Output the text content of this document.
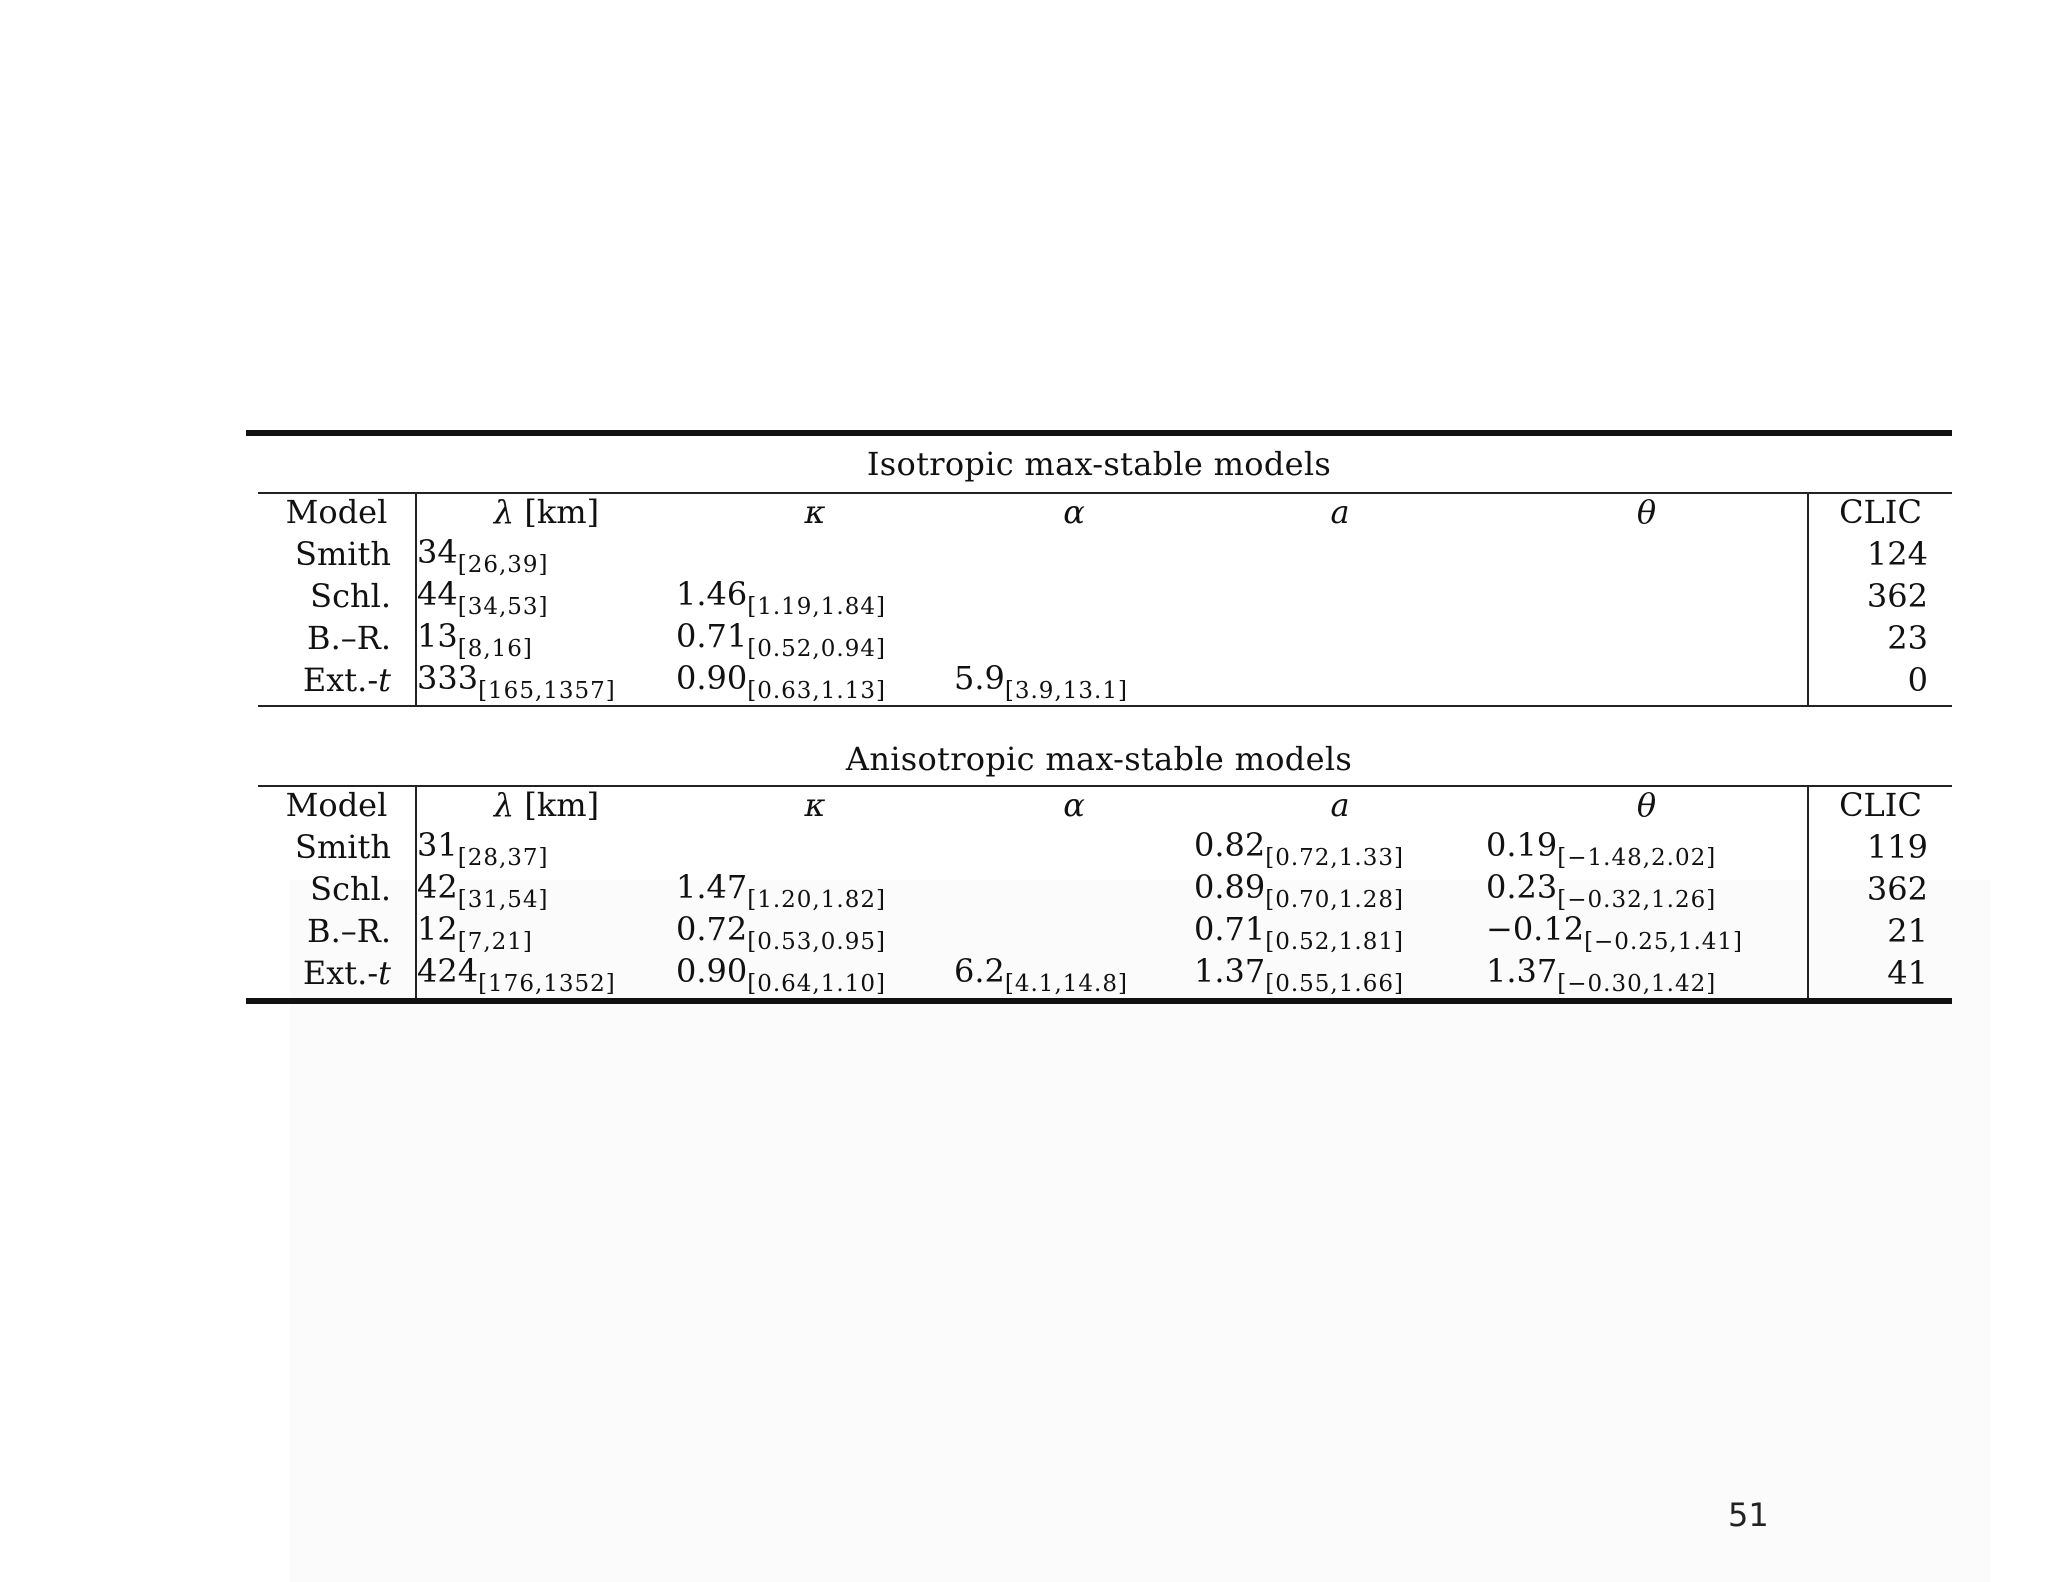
Isotropic max-stable models
Model	λ [km]	κ	α	a	θ	CLIC
Smith	$34_{[26,39]}$					124
Schl.	$44_{[34,53]}$	$1.46_{[1.19,1.84]}$				362
B.–R.	$13_{[8,16]}$	$0.71_{[0.52,0.94]}$				23
Ext.-t	$333_{[165,1357]}$	$0.90_{[0.63,1.13]}$	$5.9_{[3.9,13.1]}$			0
Anisotropic max-stable models
Model	λ [km]	κ	α	a	θ	CLIC
Smith	$31_{[28,37]}$			$0.82_{[0.72,1.33]}$	$0.19_{[-1.48,2.02]}$	119
Schl.	$42_{[31,54]}$	$1.47_{[1.20,1.82]}$		$0.89_{[0.70,1.28]}$	$0.23_{[-0.32,1.26]}$	362
B.–R.	$12_{[7,21]}$	$0.72_{[0.53,0.95]}$		$0.71_{[0.52,1.81]}$	$-0.12_{[-0.25,1.41]}$	21
Ext.-t	$424_{[176,1352]}$	$0.90_{[0.64,1.10]}$	$6.2_{[4.1,14.8]}$	$1.37_{[0.55,1.66]}$	$1.37_{[-0.30,1.42]}$	41
51
